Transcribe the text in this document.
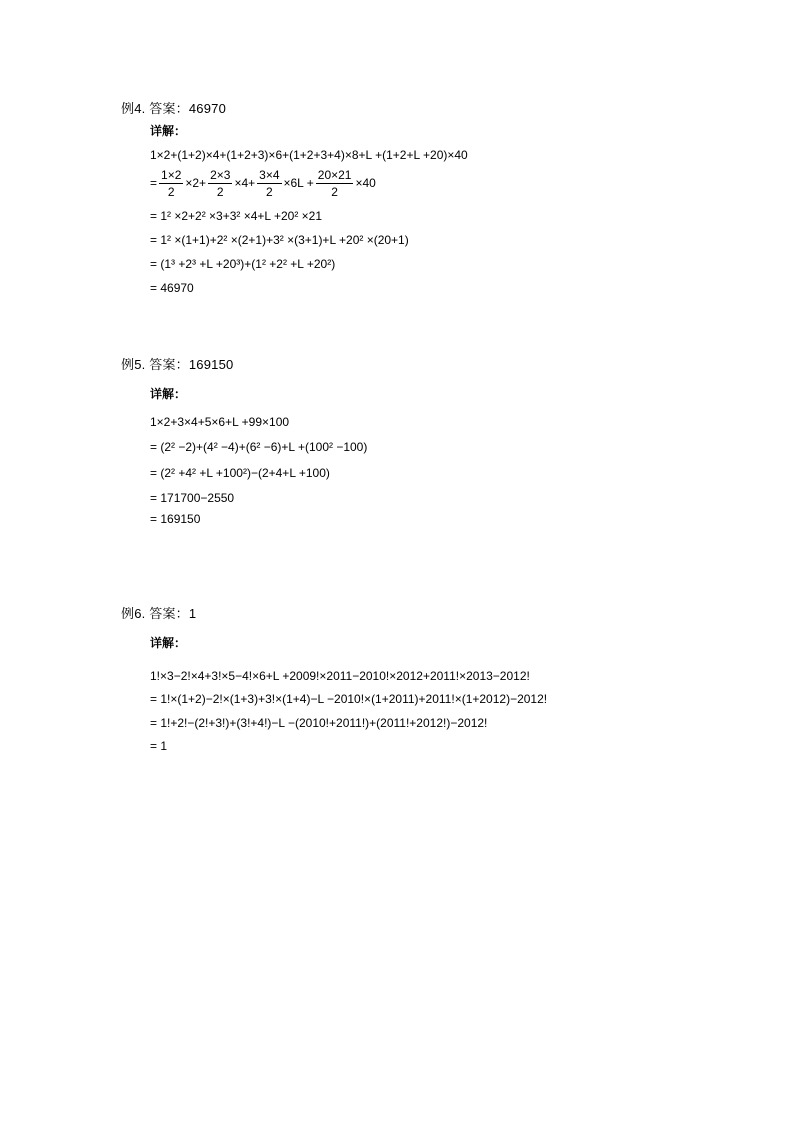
例4. 答案：46970
详解：
1×2+(1+2)×4+(1+2+3)×6+(1+2+3+4)×8+L +(1+2+L +20)×40
= $\frac{1\times 2}{2} \times 2+ \frac{2\times 3}{2} \times 4+ \frac{3\times 4}{2} \times 6L + \frac{20\times 21}{2} \times 40$
= 1² ×2+2² ×3+3² ×4+L +20² ×21
= 1² ×(1+1)+2² ×(2+1)+3² ×(3+1)+L +20² ×(20+1)
= (1³ +2³ +L +20³)+(1² +2² +L +20²)
= 46970
例5. 答案：169150
详解：
1×2+3×4+5×6+L +99×100
= (2² −2)+(4² −4)+(6² −6)+L +(100² −100)
= (2² +4² +L +100²)−(2+4+L +100)
= 171700−2550
= 169150
例6. 答案：1
详解：
1!×3−2!×4+3!×5−4!×6+L +2009!×2011−2010!×2012+2011!×2013−2012!
= 1!×(1+2)−2!×(1+3)+3!×(1+4)−L −2010!×(1+2011)+2011!×(1+2012)−2012!
= 1!+2!−(2!+3!)+(3!+4!)−L −(2010!+2011!)+(2011!+2012!)−2012!
= 1
